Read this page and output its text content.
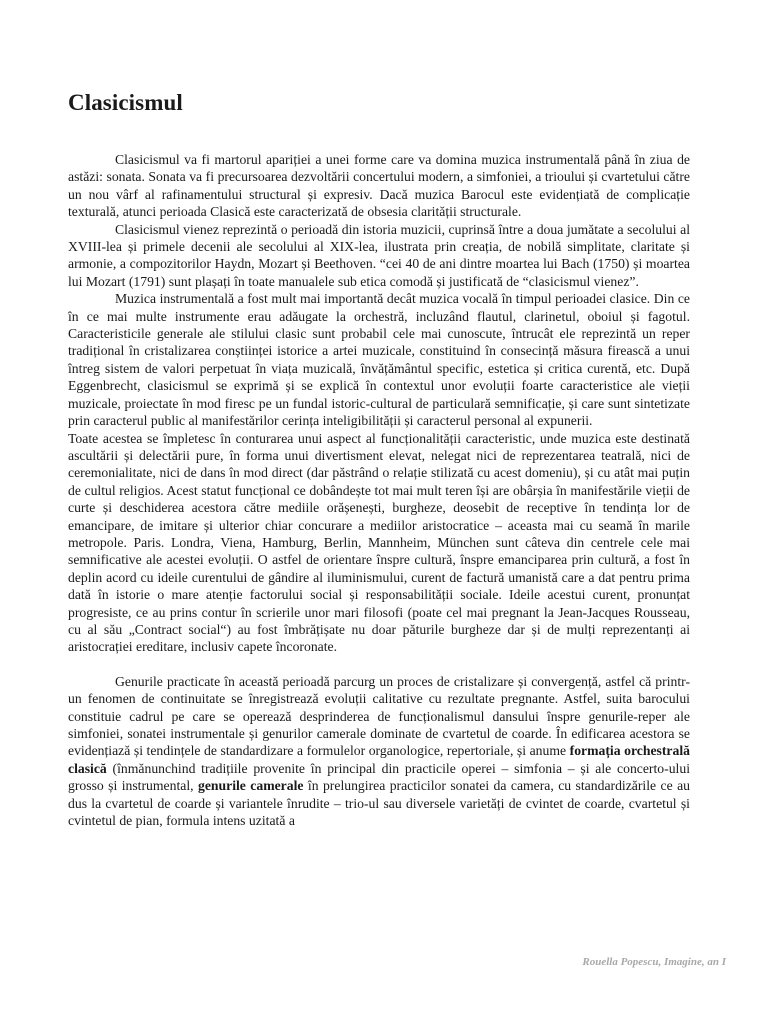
Clasicismul

Clasicismul va fi martorul apariției a unei forme care va domina muzica instrumentală până în ziua de astăzi: sonata. Sonata va fi precursoarea dezvoltării concertului modern, a simfoniei, a trioului și cvartetului către un nou vârf al rafinamentului structural și expresiv. Dacă muzica Barocul este evidențiată de complicație texturală, atunci perioada Clasică este caracterizată de obsesia clarității structurale.

Clasicismul vienez reprezintă o perioadă din istoria muzicii, cuprinsă între a doua jumătate a secolului al XVIII-lea și primele decenii ale secolului al XIX-lea, ilustrata prin creația, de nobilă simplitate, claritate și armonie, a compozitorilor Haydn, Mozart și Beethoven. “cei 40 de ani dintre moartea lui Bach (1750) și moartea lui Mozart (1791) sunt plașați în toate manualele sub etica comodă și justificată de “clasicismul vienez”.

Muzica instrumentală a fost mult mai importantă decât muzica vocală în timpul perioadei clasice. Din ce în ce mai multe instrumente erau adăugate la orchestră, incluzând flautul, clarinetul, oboiul și fagotul. Caracteristicile generale ale stilului clasic sunt probabil cele mai cunoscute, întrucât ele reprezintă un reper tradițional în cristalizarea conștiinței istorice a artei muzicale, constituind în consecință măsura firească a unui întreg sistem de valori perpetuat în viața muzicală, învățământul specific, estetica și critica curentă, etc. După Eggenbrecht, clasicismul se exprimă și se explică în contextul unor evoluții foarte caracteristice ale vieții muzicale, proiectate în mod firesc pe un fundal istoric-cultural de particulară semnificație, și care sunt sintetizate prin caracterul public al manifestărilor cerința inteligibilității și caracterul personal al expunerii.

Toate acestea se împletesc în conturarea unui aspect al funcționalității caracteristic, unde muzica este destinată ascultării și delectării pure, în forma unui divertisment elevat, nelegat nici de reprezentarea teatrală, nici de ceremonialitate, nici de dans în mod direct (dar păstrând o relație stilizată cu acest domeniu), și cu atât mai puțin de cultul religios. Acest statut funcțional ce dobândește tot mai mult teren își are obârșia în manifestările vieții de curte și deschiderea acestora către mediile orășenești, burgheze, deosebit de receptive în tendința lor de emancipare, de imitare și ulterior chiar concurare a mediilor aristocratice – aceasta mai cu seamă în marile metropole. Paris. Londra, Viena, Hamburg, Berlin, Mannheim, München sunt câteva din centrele cele mai semnificative ale acestei evoluții. O astfel de orientare înspre cultură, înspre emanciparea prin cultură, a fost în deplin acord cu ideile curentului de gândire al iluminismului, curent de factură umanistă care a dat pentru prima dată în istorie o mare atenție factorului social și responsabilității sociale. Ideile acestui curent, pronunțat progresiste, ce au prins contur în scrierile unor mari filosofi (poate cel mai pregnant la Jean-Jacques Rousseau, cu al său „Contract social“) au fost îmbrățișate nu doar păturile burgheze dar și de mulți reprezentanți ai aristocrației ereditare, inclusiv capete încoronate.

Genurile practicate în această perioadă parcurg un proces de cristalizare și convergență, astfel că printr-un fenomen de continuitate se înregistrează evoluții calitative cu rezultate pregnante. Astfel, suita barocului constituie cadrul pe care se operează desprinderea de funcționalismul dansului înspre genurile-reper ale simfoniei, sonatei instrumentale și genurilor camerale dominate de cvartetul de coarde. În edificarea acestora se evidențiază și tendințele de standardizare a formulelor organologice, repertoriale, și anume formația orchestrală clasică (înmănunchind tradițiile provenite în principal din practicile operei – simfonia – și ale concerto-ului grosso și instrumental, genurile camerale în prelungirea practicilor sonatei da camera, cu standardizările ce au dus la cvartetul de coarde și variantele înrudite – trio-ul sau diversele varietăți de cvintet de coarde, cvartetul și cvintetul de pian, formula intens uzitată a

Rouella Popescu, Imagine, an I
